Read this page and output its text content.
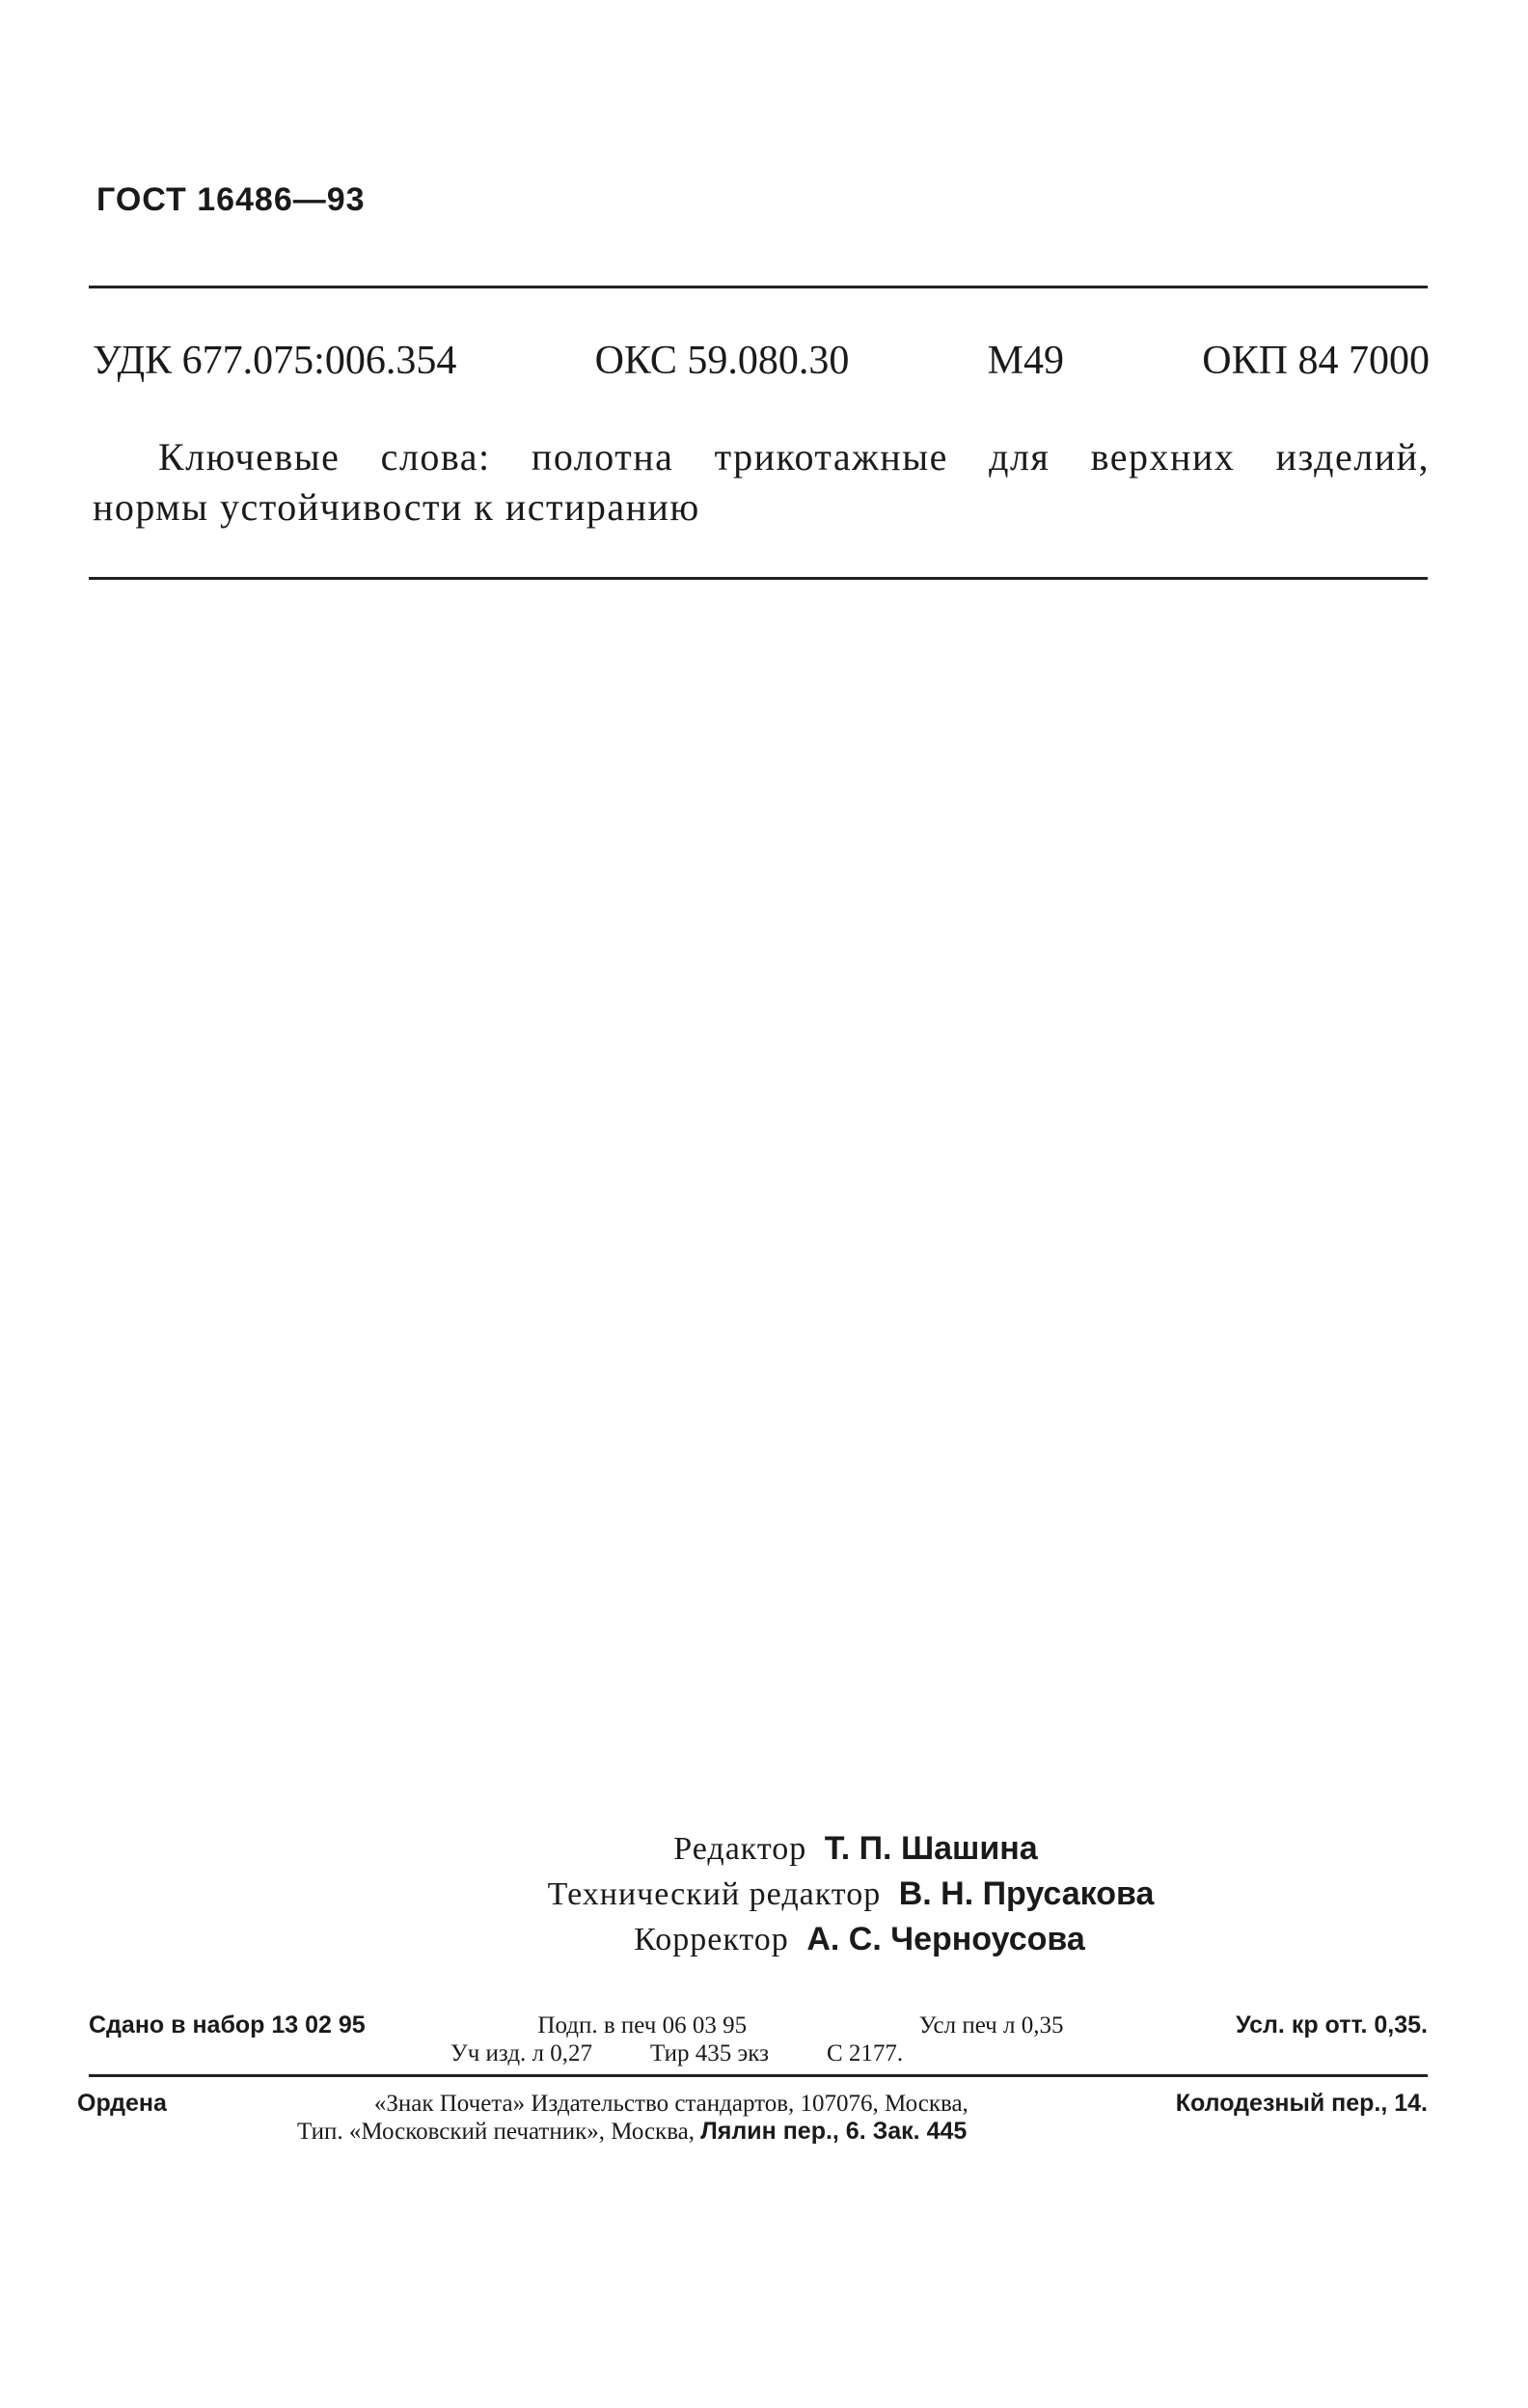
ГОСТ 16486—93
УДК 677.075:006.354	ОКС 59.080.30	М49	ОКП 84 7000
Ключевые слова: полотна трикотажные для верхних изделий,
нормы устойчивости к истиранию
Редактор Т. П. Шашина
Технический редактор В. Н. Прусакова
Корректор А. С. Черноусова
Сдано в набор 13 02 95	Подп. в печ 06 03 95	Усл печ л 0,35	Усл. кр отт. 0,35.
Уч изд. л 0,27 Тир 435 экз С 2177.
Ордена	«Знак Почета» Издательство стандартов, 107076, Москва,	Колодезный пер., 14.
Тип. «Московский печатник», Москва, Лялин пер., 6. Зак. 445
